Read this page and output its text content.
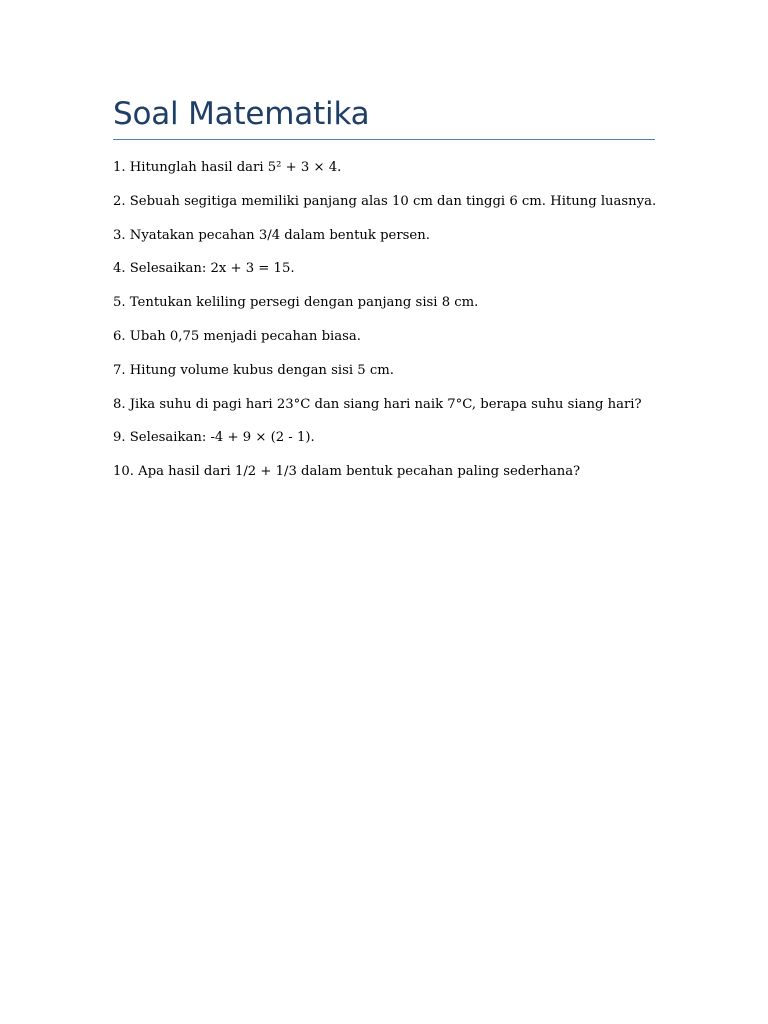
Soal Matematika
1. Hitunglah hasil dari 5² + 3 × 4.
2. Sebuah segitiga memiliki panjang alas 10 cm dan tinggi 6 cm. Hitung luasnya.
3. Nyatakan pecahan 3/4 dalam bentuk persen.
4. Selesaikan: 2x + 3 = 15.
5. Tentukan keliling persegi dengan panjang sisi 8 cm.
6. Ubah 0,75 menjadi pecahan biasa.
7. Hitung volume kubus dengan sisi 5 cm.
8. Jika suhu di pagi hari 23°C dan siang hari naik 7°C, berapa suhu siang hari?
9. Selesaikan: -4 + 9 × (2 - 1).
10. Apa hasil dari 1/2 + 1/3 dalam bentuk pecahan paling sederhana?
